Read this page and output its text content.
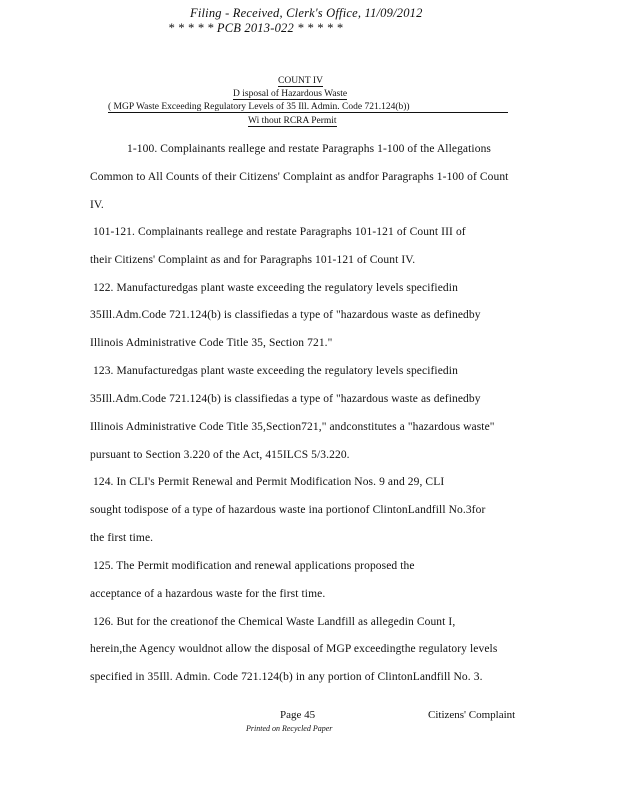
Filing - Received, Clerk's Office, 11/09/2012
* * * * * PCB 2013-022 * * * * *
COUNT IV
D isposal of Hazardous Waste
( MGP Waste Exceeding Regulatory Levels of 35 Ill. Admin. Code 721.124(b))
Wi thout RCRA Permit
1-100. Complainants reallege and restate Paragraphs 1-100 of the Allegations
Common to All Counts of their Citizens' Complaint as andfor Paragraphs 1-100 of Count
IV.
101-121. Complainants reallege and restate Paragraphs 101-121 of Count III of
their Citizens' Complaint as and for Paragraphs 101-121 of Count IV.
122. Manufacturedgas plant waste exceeding the regulatory levels specifiedin
35Ill.Adm.Code 721.124(b) is classifiedas a type of "hazardous waste as definedby
Illinois Administrative Code Title 35, Section 721."
123. Manufacturedgas plant waste exceeding the regulatory levels specifiedin
35Ill.Adm.Code 721.124(b) is classifiedas a type of "hazardous waste as definedby
Illinois Administrative Code Title 35,Section721," andconstitutes a "hazardous waste"
pursuant to Section 3.220 of the Act, 415ILCS 5/3.220.
124. In CLI's Permit Renewal and Permit Modification Nos. 9 and 29, CLI
sought todispose of a type of hazardous waste ina portionof ClintonLandfill No.3for
the first time.
125. The Permit modification and renewal applications proposed the
acceptance of a hazardous waste for the first time.
126. But for the creationof the Chemical Waste Landfill as allegedin Count I,
herein,the Agency wouldnot allow the disposal of MGP exceedingthe regulatory levels
specified in 35Ill. Admin. Code 721.124(b) in any portion of ClintonLandfill No. 3.
Page 45	Citizens' Complaint
Printed on Recycled Paper
